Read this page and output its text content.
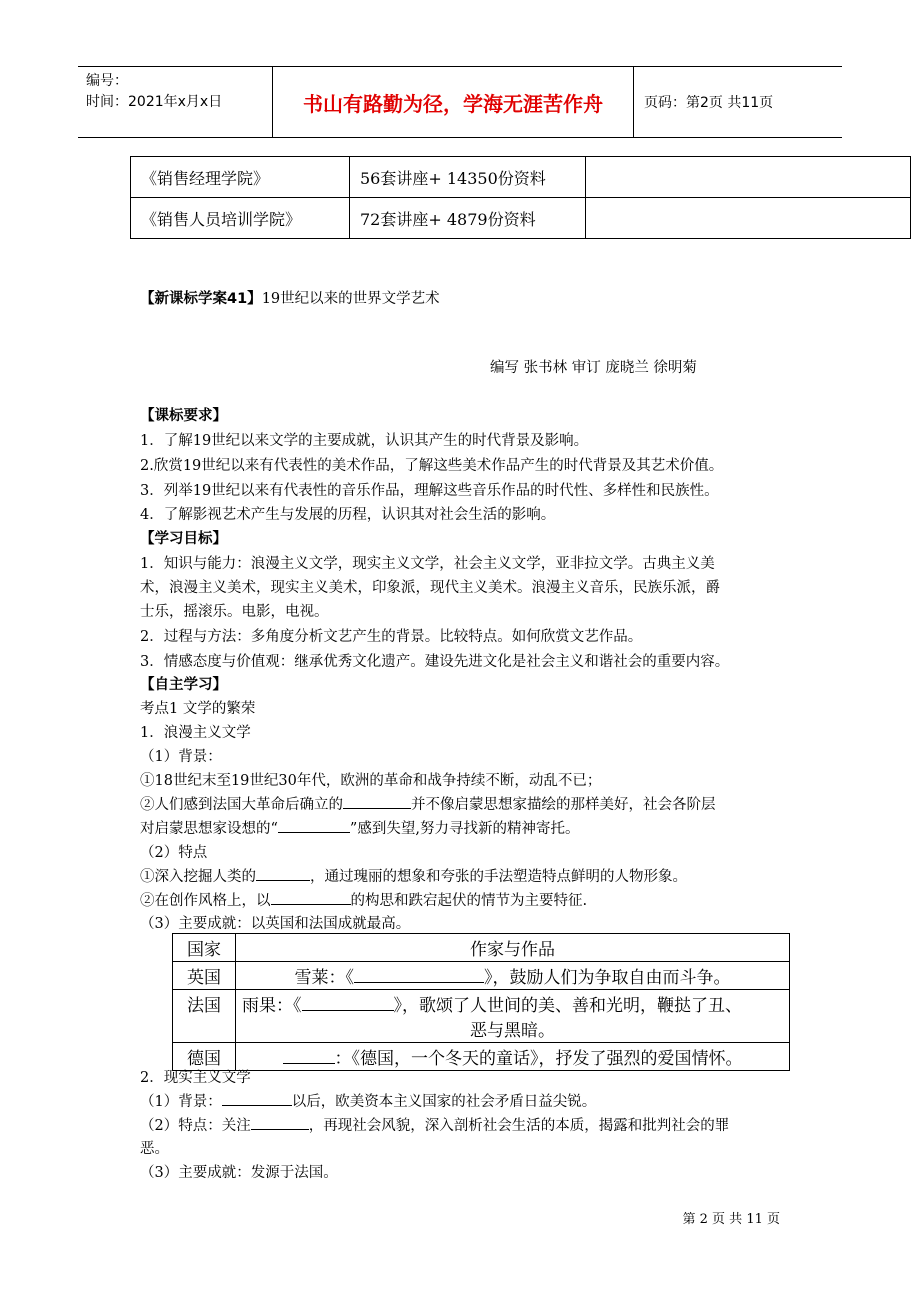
编号：
时间：2021年x月x日	书山有路勤为径，学海无涯苦作舟	页码：第2页 共11页
《销售经理学院》	56套讲座+ 14350份资料	
《销售人员培训学院》	72套讲座+ 4879份资料	
【新课标学案41】19世纪以来的世界文学艺术
编写 张书林 审订 庞晓兰 徐明菊
【课标要求】
1．了解19世纪以来文学的主要成就，认识其产生的时代背景及影响。
2.欣赏19世纪以来有代表性的美术作品，了解这些美术作品产生的时代背景及其艺术价值。
3．列举19世纪以来有代表性的音乐作品，理解这些音乐作品的时代性、多样性和民族性。
4．了解影视艺术产生与发展的历程，认识其对社会生活的影响。
【学习目标】
1．知识与能力：浪漫主义文学，现实主义文学，社会主义文学，亚非拉文学。古典主义美
术，浪漫主义美术，现实主义美术，印象派，现代主义美术。浪漫主义音乐，民族乐派，爵
士乐，摇滚乐。电影，电视。
2．过程与方法：多角度分析文艺产生的背景。比较特点。如何欣赏文艺作品。
3．情感态度与价值观：继承优秀文化遗产。建设先进文化是社会主义和谐社会的重要内容。
【自主学习】
考点1 文学的繁荣
1．浪漫主义文学
（1）背景：
①18世纪末至19世纪30年代，欧洲的革命和战争持续不断，动乱不已；
②人们感到法国大革命后确立的	并不像启蒙思想家描绘的那样美好，社会各阶层
对启蒙思想家设想的“	”感到失望,努力寻找新的精神寄托。
（2）特点
①深入挖掘人类的	，通过瑰丽的想象和夸张的手法塑造特点鲜明的人物形象。
②在创作风格上，以	的构思和跌宕起伏的情节为主要特征.
（3）主要成就：以英国和法国成就最高。
国家	作家与作品
英国	雪莱：《 》，鼓励人们为争取自由而斗争。
法国	雨果：《 》，歌颂了人世间的美、善和光明，鞭挞了丑、

恶与黑暗。

德国	：《德国，一个冬天的童话》，抒发了强烈的爱国情怀。
2．现实主义文学
（1）背景：	以后，欧美资本主义国家的社会矛盾日益尖锐。
（2）特点：关注	，再现社会风貌，深入剖析社会生活的本质，揭露和批判社会的罪
恶。
（3）主要成就：发源于法国。
第 2 页 共 11 页
